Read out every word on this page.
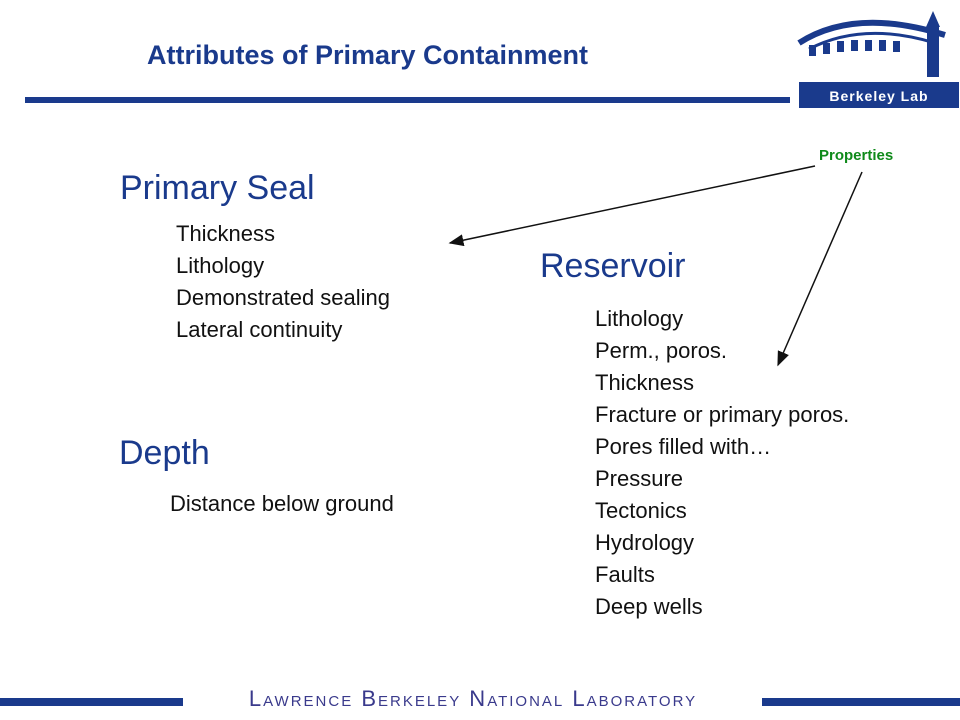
Attributes of Primary Containment
Berkeley Lab
Primary Seal
Thickness
Lithology
Demonstrated sealing
Lateral continuity
Depth
Distance below ground
Reservoir
Lithology
Perm., poros.
Thickness
Fracture or primary poros.
Pores filled with…
Pressure
Tectonics
Hydrology
Faults
Deep wells
Properties
Lawrence Berkeley National Laboratory
